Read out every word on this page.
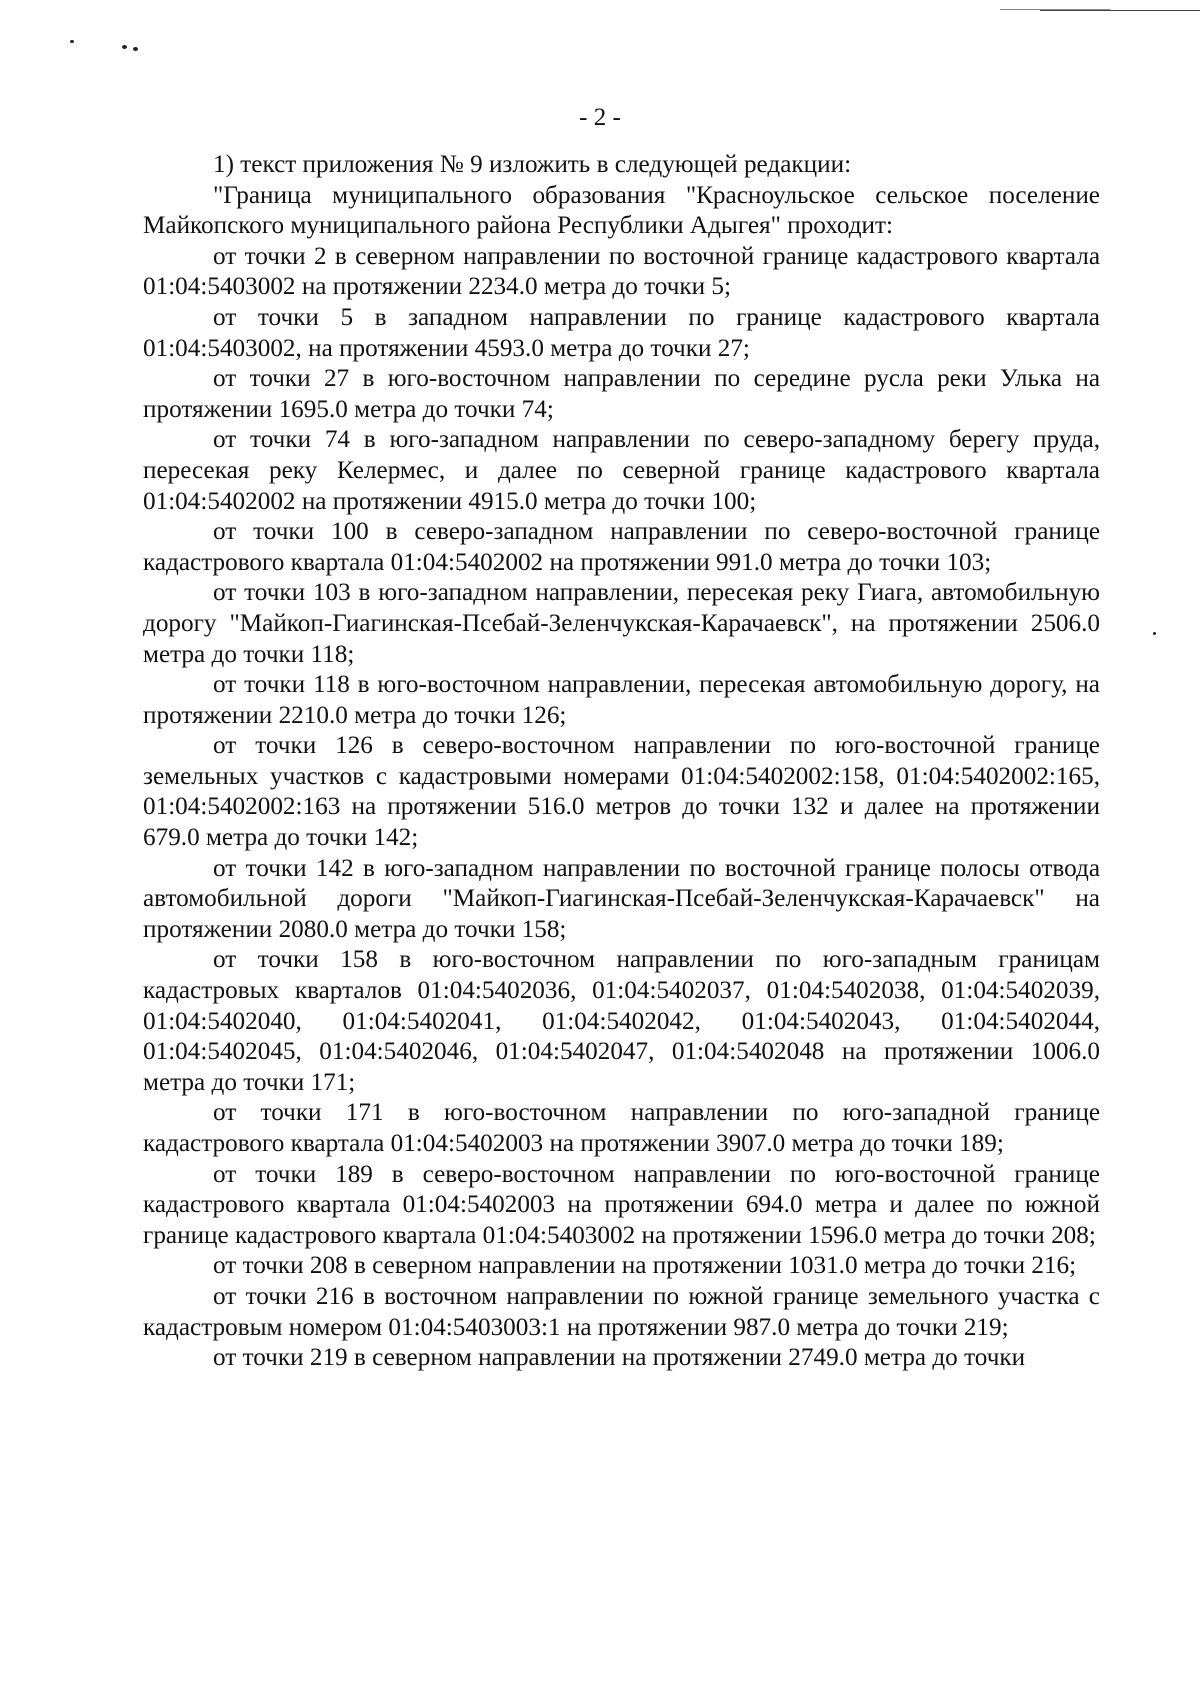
- 2 -

1) текст приложения № 9 изложить в следующей редакции:

"Граница муниципального образования "Красноульское сельское поселение Майкопского муниципального района Республики Адыгея" проходит:

от точки 2 в северном направлении по восточной границе кадастрового квартала 01:04:5403002 на протяжении 2234.0 метра до точки 5;

от точки 5 в западном направлении по границе кадастрового квартала 01:04:5403002, на протяжении 4593.0 метра до точки 27;

от точки 27 в юго-восточном направлении по середине русла реки Улька на протяжении 1695.0 метра до точки 74;

от точки 74 в юго-западном направлении по северо-западному берегу пруда, пересекая реку Келермес, и далее по северной границе кадастрового квартала 01:04:5402002 на протяжении 4915.0 метра до точки 100;

от точки 100 в северо-западном направлении по северо-восточной границе кадастрового квартала 01:04:5402002 на протяжении 991.0 метра до точки 103;

от точки 103 в юго-западном направлении, пересекая реку Гиага, автомобильную дорогу "Майкоп-Гиагинская-Псебай-Зеленчукская-Карачаевск", на протяжении 2506.0 метра до точки 118;

от точки 118 в юго-восточном направлении, пересекая автомобильную дорогу, на протяжении 2210.0 метра до точки 126;

от точки 126 в северо-восточном направлении по юго-восточной границе земельных участков с кадастровыми номерами 01:04:5402002:158, 01:04:5402002:165, 01:04:5402002:163 на протяжении 516.0 метров до точки 132 и далее на протяжении 679.0 метра до точки 142;

от точки 142 в юго-западном направлении по восточной границе полосы отвода автомобильной дороги "Майкоп-Гиагинская-Псебай-Зеленчукская-Карачаевск" на протяжении 2080.0 метра до точки 158;

от точки 158 в юго-восточном направлении по юго-западным границам кадастровых кварталов 01:04:5402036, 01:04:5402037, 01:04:5402038, 01:04:5402039, 01:04:5402040, 01:04:5402041, 01:04:5402042, 01:04:5402043, 01:04:5402044, 01:04:5402045, 01:04:5402046, 01:04:5402047, 01:04:5402048 на протяжении 1006.0 метра до точки 171;

от точки 171 в юго-восточном направлении по юго-западной границе кадастрового квартала 01:04:5402003 на протяжении 3907.0 метра до точки 189;

от точки 189 в северо-восточном направлении по юго-восточной границе кадастрового квартала 01:04:5402003 на протяжении 694.0 метра и далее по южной границе кадастрового квартала 01:04:5403002 на протяжении 1596.0 метра до точки 208;

от точки 208 в северном направлении на протяжении 1031.0 метра до точки 216;

от точки 216 в восточном направлении по южной границе земельного участка с кадастровым номером 01:04:5403003:1 на протяжении 987.0 метра до точки 219;

от точки 219 в северном направлении на протяжении 2749.0 метра до точки
